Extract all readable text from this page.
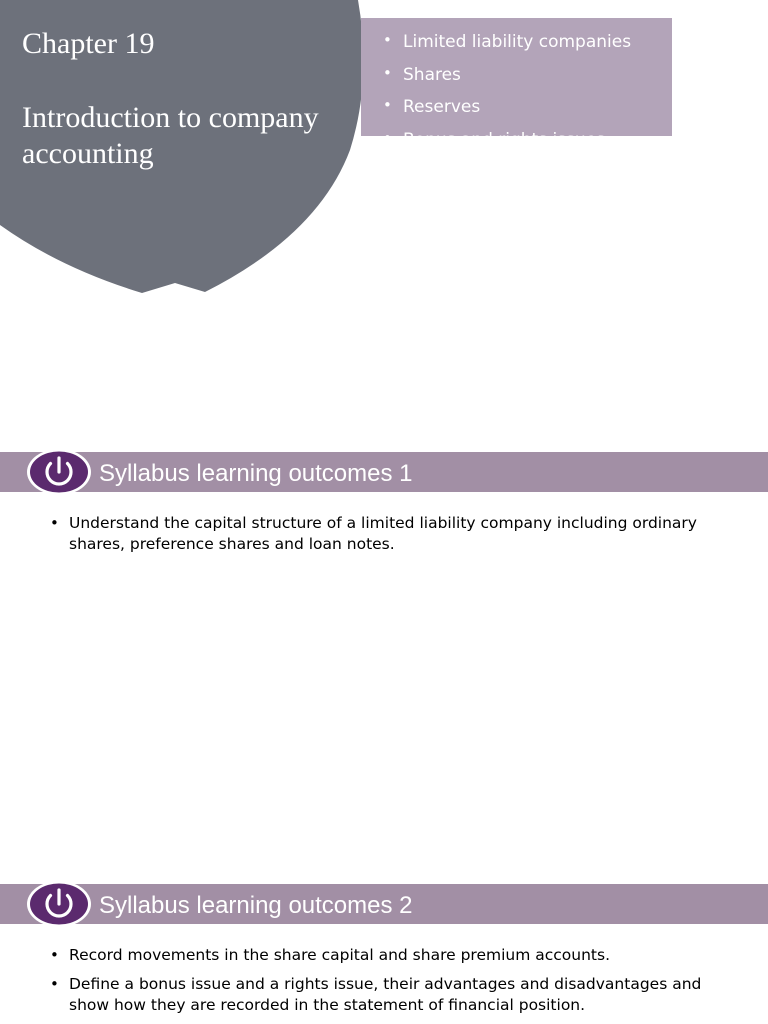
Chapter 19
Introduction to company accounting
• Limited liability companies
• Shares
• Reserves
• Bonus and rights issues
Syllabus learning outcomes 1
• Understand the capital structure of a limited liability company including ordinary shares, preference shares and loan notes.
Syllabus learning outcomes 2
• Record movements in the share capital and share premium accounts.
• Define a bonus issue and a rights issue, their advantages and disadvantages and show how they are recorded in the statement of financial position.
